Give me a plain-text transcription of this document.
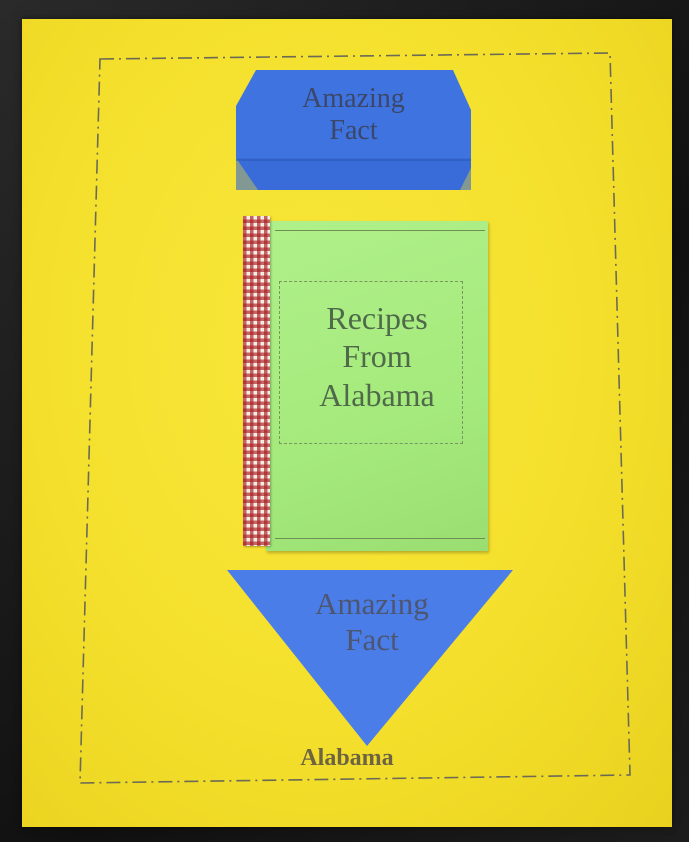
Amazing
Fact
Recipes
From
Alabama
Amazing
Fact
Alabama
